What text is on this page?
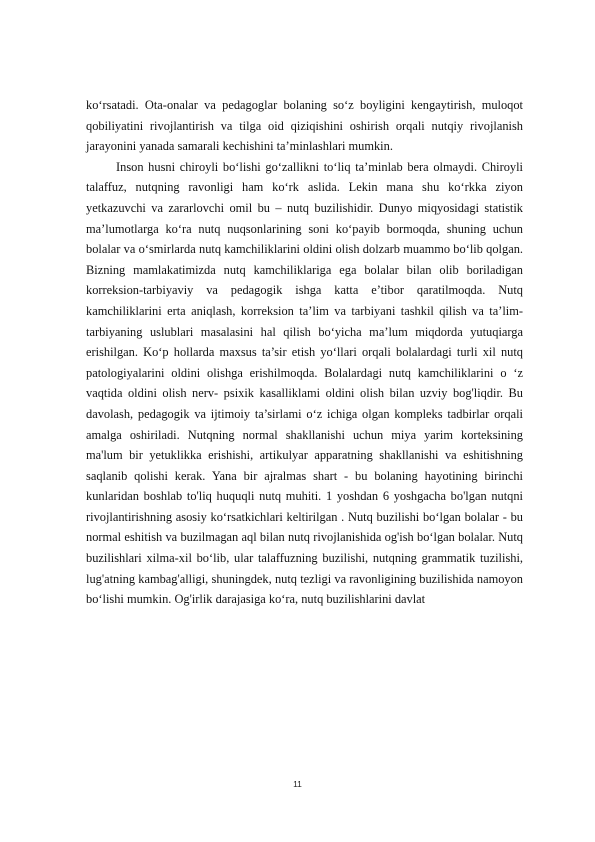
ko‘rsatadi. Ota-onalar va pedagoglar bolaning so‘z boyligini kengaytirish, muloqot qobiliyatini rivojlantirish va tilga oid qiziqishini oshirish orqali nutqiy rivojlanish jarayonini yanada samarali kechishini ta’minlashlari mumkin.

Inson husni chiroyli bo‘lishi go‘zallikni to‘liq ta’minlab bera olmaydi. Chiroyli talaffuz, nutqning ravonligi ham ko‘rk aslida. Lekin mana shu ko‘rkka ziyon yetkazuvchi va zararlovchi omil bu – nutq buzilishidir. Dunyo miqyosidagi statistik ma’lumotlarga ko‘ra nutq nuqsonlarining soni ko‘payib bormoqda, shuning uchun bolalar va o‘smirlarda nutq kamchiliklarini oldini olish dolzarb muammo bo‘lib qolgan. Bizning mamlakatimizda nutq kamchiliklariga ega bolalar bilan olib boriladigan korreksion-tarbiyaviy va pedagogik ishga katta e’tibor qaratilmoqda. Nutq kamchiliklarini erta aniqlash, korreksion ta’lim va tarbiyani tashkil qilish va ta’lim-tarbiyaning uslublari masalasini hal qilish bo‘yicha ma’lum miqdorda yutuqiarga erishilgan. Ko‘p hollarda maxsus ta’sir etish yo‘llari orqali bolalardagi turli xil nutq patologiyalarini oldini olishga erishilmoqda. Bolalardagi nutq kamchiliklarini o ‘z vaqtida oldini olish nerv- psixik kasalliklami oldini olish bilan uzviy bog'liqdir. Bu davolash, pedagogik va ijtimoiy ta’sirlami o‘z ichiga olgan kompleks tadbirlar orqali amalga oshiriladi. Nutqning normal shakllanishi uchun miya yarim korteksining ma'lum bir yetuklikka erishishi, artikulyar apparatning shakllanishi va eshitishning saqlanib qolishi kerak. Yana bir ajralmas shart - bu bolaning hayotining birinchi kunlaridan boshlab to'liq huquqli nutq muhiti. 1 yoshdan 6 yoshgacha bo'lgan nutqni rivojlantirishning asosiy ko‘rsatkichlari keltirilgan . Nutq buzilishi bo‘lgan bolalar - bu normal eshitish va buzilmagan aql bilan nutq rivojlanishida og'ish bo‘lgan bolalar. Nutq buzilishlari xilma-xil bo‘lib, ular talaffuzning buzilishi, nutqning grammatik tuzilishi, lug'atning kambag'alligi, shuningdek, nutq tezligi va ravonligining buzilishida namoyon bo‘lishi mumkin. Og'irlik darajasiga ko‘ra, nutq buzilishlarini davlat

11
